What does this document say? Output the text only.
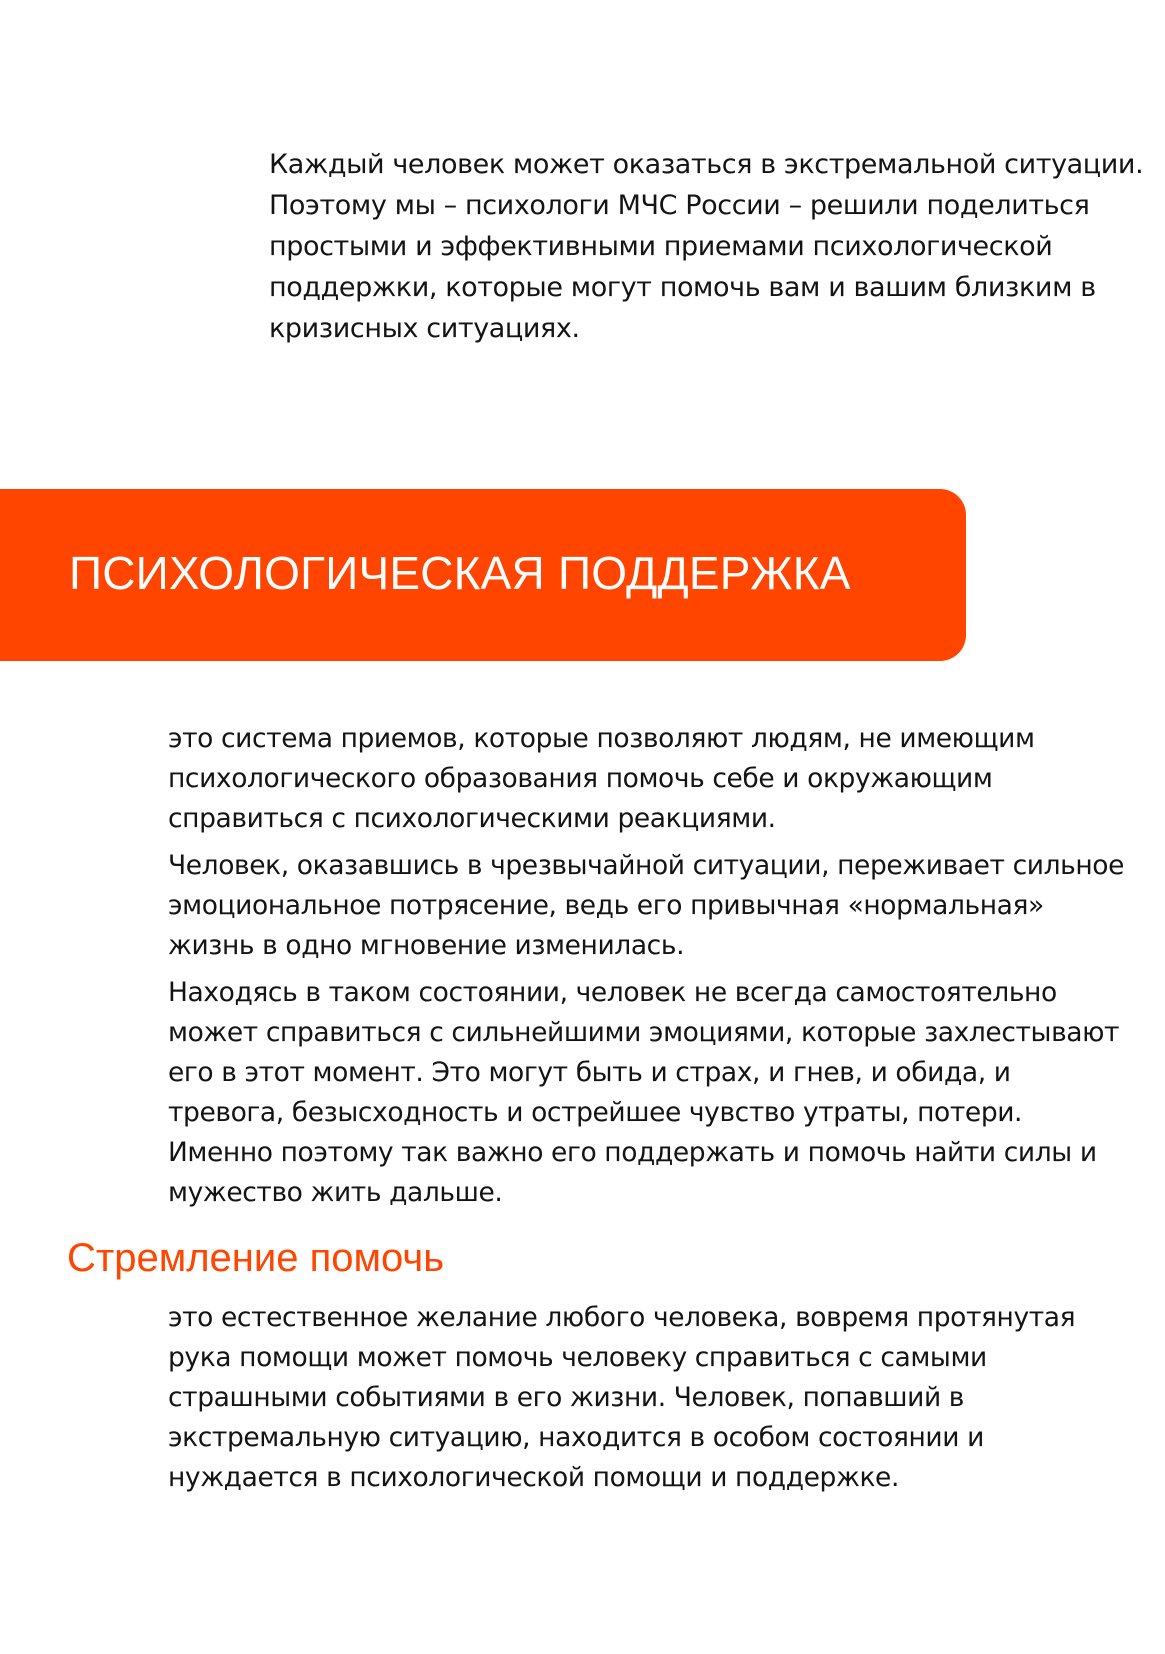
Каждый человек может оказаться в экстремальной ситуации. Поэтому мы – психологи МЧС России – решили поделиться простыми и эффективными приемами психологической поддержки, которые могут помочь вам и вашим близким в кризисных ситуациях.

ПСИХОЛОГИЧЕСКАЯ ПОДДЕРЖКА

это система приемов, которые позволяют людям, не имеющим психологического образования помочь себе и окружающим справиться с психологическими реакциями.

Человек, оказавшись в чрезвычайной ситуации, переживает сильное эмоциональное потрясение, ведь его привычная «нормальная» жизнь в одно мгновение изменилась.

Находясь в таком состоянии, человек не всегда самостоятельно может справиться с сильнейшими эмоциями, которые захлестывают его в этот момент. Это могут быть и страх, и гнев, и обида, и тревога, безысходность и острейшее чувство утраты, потери. Именно поэтому так важно его поддержать и помочь найти силы и мужество жить дальше.

Стремление помочь

это естественное желание любого человека, вовремя протянутая рука помощи может помочь человеку справиться с самыми страшными событиями в его жизни. Человек, попавший в экстремальную ситуацию, находится в особом состоянии и нуждается в психологической помощи и поддержке.
